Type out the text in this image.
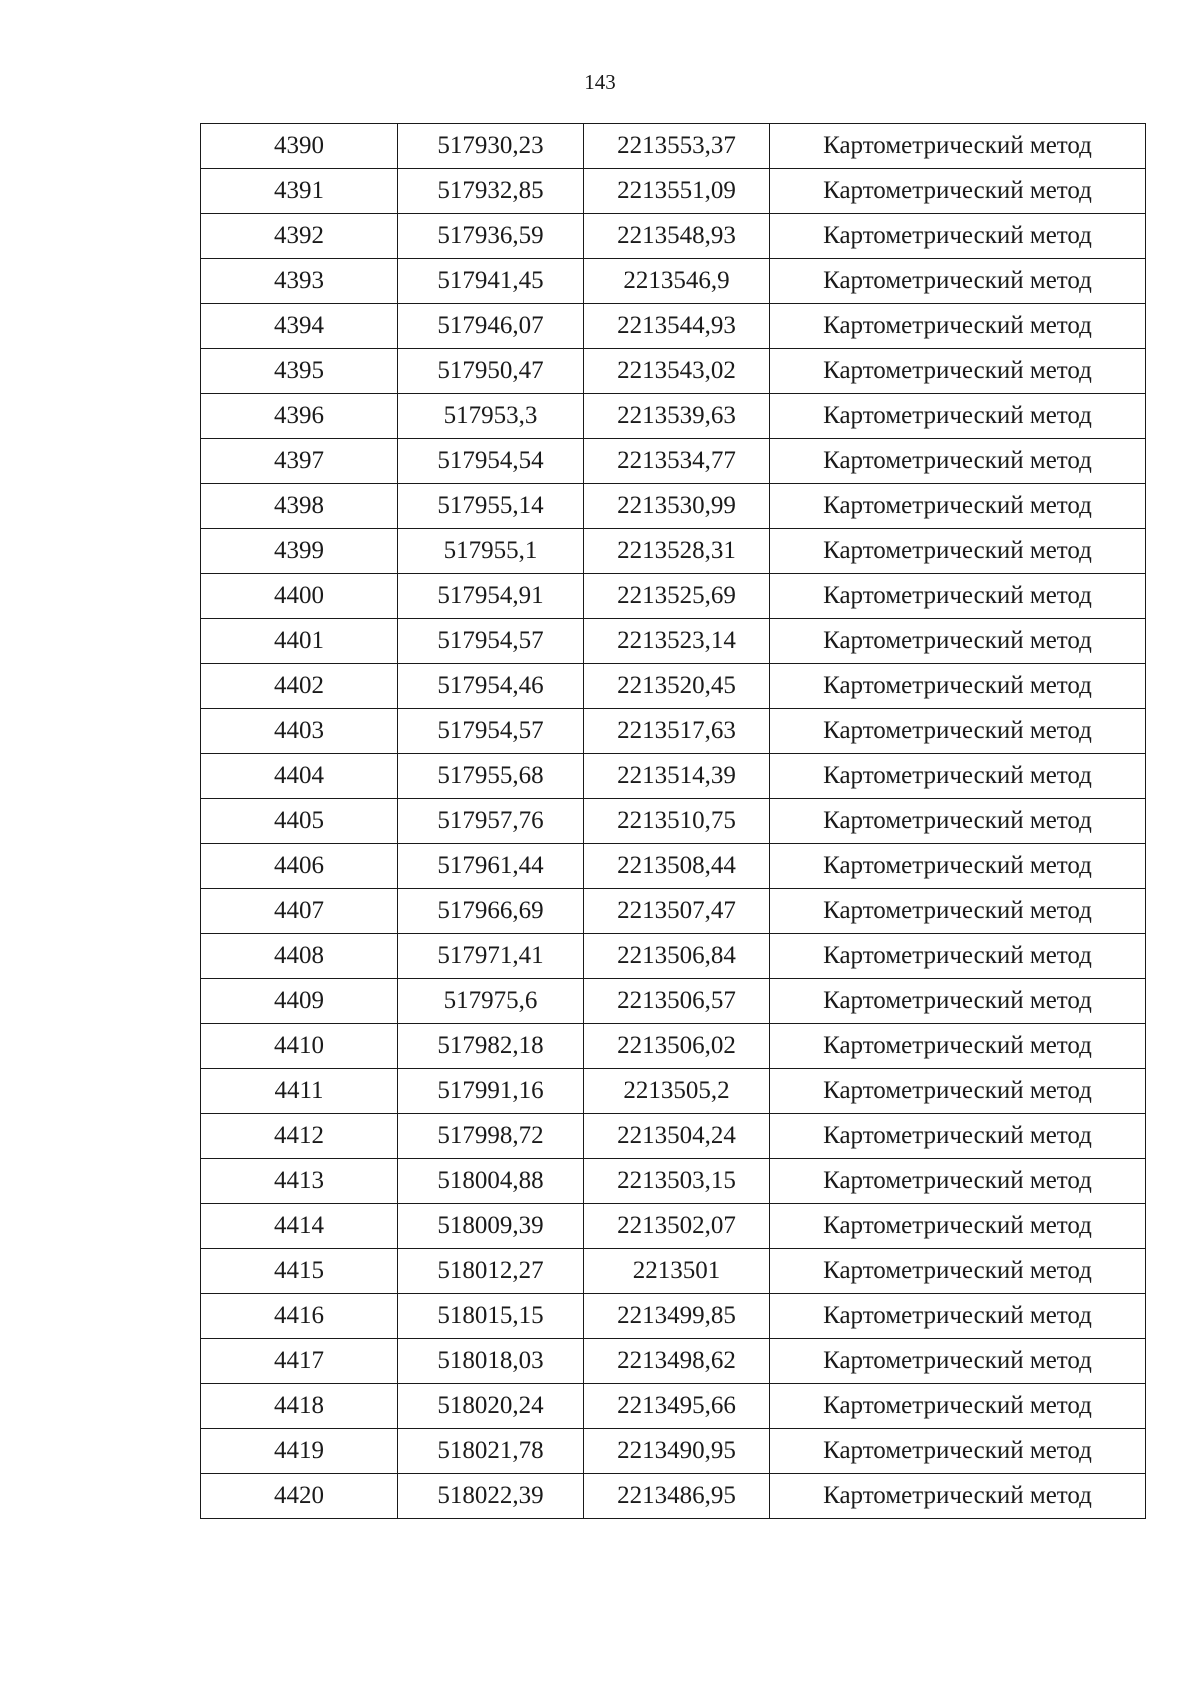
143
4390	517930,23	2213553,37	Картометрический метод
4391	517932,85	2213551,09	Картометрический метод
4392	517936,59	2213548,93	Картометрический метод
4393	517941,45	2213546,9	Картометрический метод
4394	517946,07	2213544,93	Картометрический метод
4395	517950,47	2213543,02	Картометрический метод
4396	517953,3	2213539,63	Картометрический метод
4397	517954,54	2213534,77	Картометрический метод
4398	517955,14	2213530,99	Картометрический метод
4399	517955,1	2213528,31	Картометрический метод
4400	517954,91	2213525,69	Картометрический метод
4401	517954,57	2213523,14	Картометрический метод
4402	517954,46	2213520,45	Картометрический метод
4403	517954,57	2213517,63	Картометрический метод
4404	517955,68	2213514,39	Картометрический метод
4405	517957,76	2213510,75	Картометрический метод
4406	517961,44	2213508,44	Картометрический метод
4407	517966,69	2213507,47	Картометрический метод
4408	517971,41	2213506,84	Картометрический метод
4409	517975,6	2213506,57	Картометрический метод
4410	517982,18	2213506,02	Картометрический метод
4411	517991,16	2213505,2	Картометрический метод
4412	517998,72	2213504,24	Картометрический метод
4413	518004,88	2213503,15	Картометрический метод
4414	518009,39	2213502,07	Картометрический метод
4415	518012,27	2213501	Картометрический метод
4416	518015,15	2213499,85	Картометрический метод
4417	518018,03	2213498,62	Картометрический метод
4418	518020,24	2213495,66	Картометрический метод
4419	518021,78	2213490,95	Картометрический метод
4420	518022,39	2213486,95	Картометрический метод
